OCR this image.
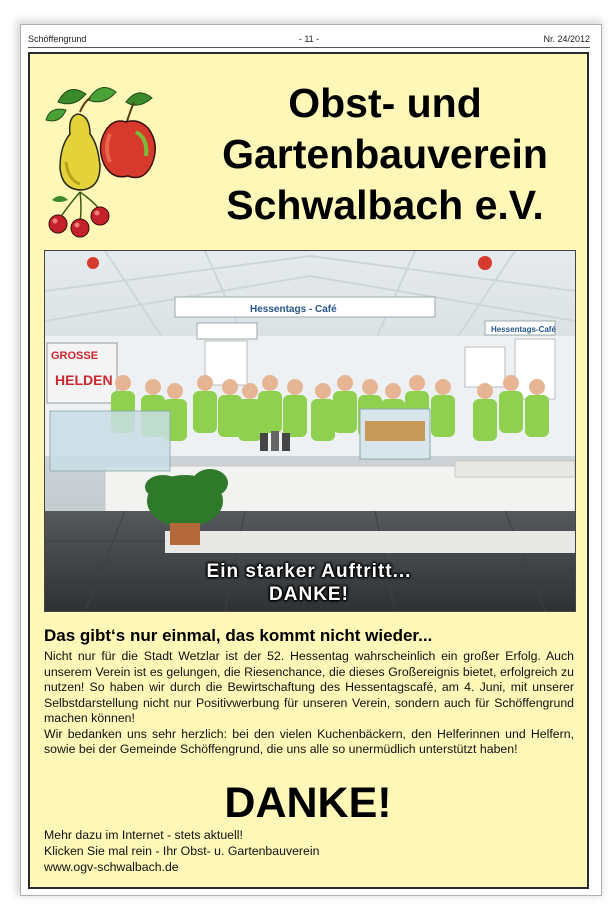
Schöffengrund	- 11 -	Nr. 24/2012
Obst- und
Gartenbauverein
Schwalbach e.V.
GROSSE
HELDEN
Hessentags - Café
Hessentags-Café
Ein starker Auftritt...
DANKE!
Das gibt‘s nur einmal, das kommt nicht wieder...

Nicht nur für die Stadt Wetzlar ist der 52. Hessentag wahrscheinlich ein großer Erfolg. Auch unserem Verein ist es gelungen, die Riesenchance, die dieses Großereignis bietet, erfolgreich zu nutzen! So haben wir durch die Bewirtschaftung des Hessentagscafé, am 4. Juni, mit unserer Selbstdarstellung nicht nur Positivwerbung für unseren Verein, sondern auch für Schöffengrund machen können!

Wir bedanken uns sehr herzlich: bei den vielen Kuchenbäckern, den Helferinnen und Helfern, sowie bei der Gemeinde Schöffengrund, die uns alle so unermüdlich unterstützt haben!

DANKE!
Mehr dazu im Internet - stets aktuell!
Klicken Sie mal rein - Ihr Obst- u. Gartenbauverein
www.ogv-schwalbach.de
